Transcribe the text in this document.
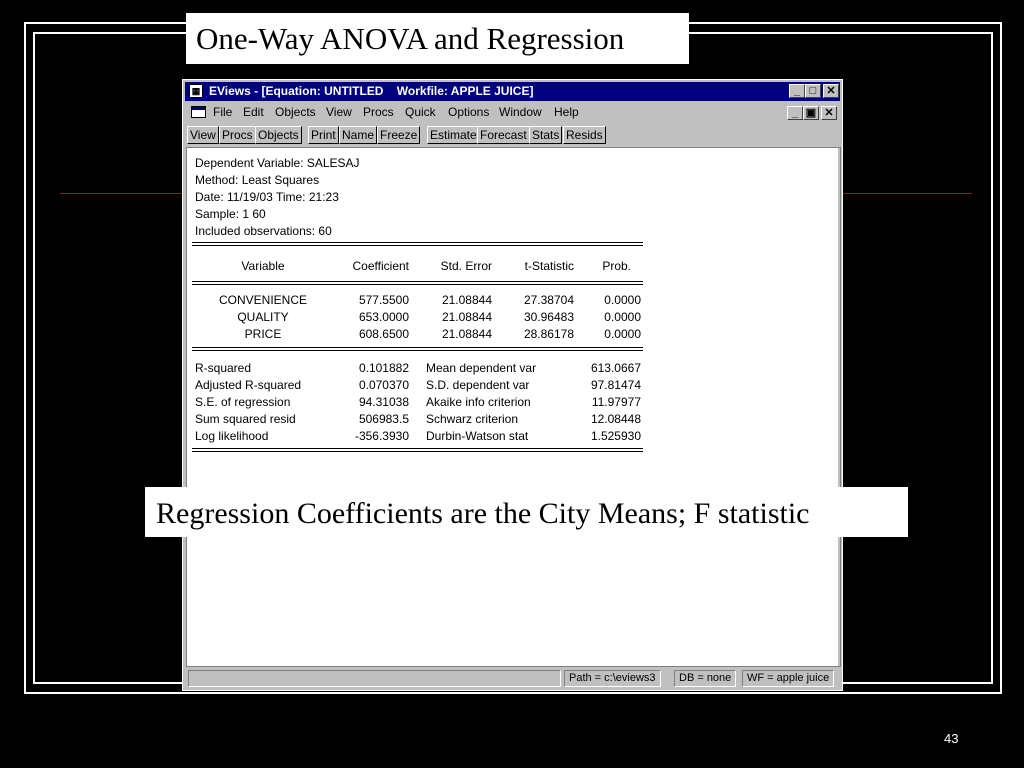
One-Way ANOVA and Regression
▦ EViews - [Equation: UNTITLED    Workfile: APPLE JUICE]	_ □ ✕
File Edit Objects View Procs Quick Options Window Help	_ ▣ ✕
View Procs Objects Print Name Freeze Estimate Forecast Stats Resids
Dependent Variable: SALESAJ
Method: Least Squares
Date: 11/19/03 Time: 21:23
Sample: 1 60
Included observations: 60
Variable	Coefficient	Std. Error	t-Statistic	Prob.
CONVENIENCE	577.5500	21.08844	27.38704	0.0000
QUALITY	653.0000	21.08844	30.96483	0.0000
PRICE	608.6500	21.08844	28.86178	0.0000
R-squared	0.101882 Mean dependent var	613.0667
Adjusted R-squared	0.070370 S.D. dependent var	97.81474
S.E. of regression	94.31038 Akaike info criterion	11.97977
Sum squared resid	506983.5 Schwarz criterion	12.08448
Log likelihood	-356.3930 Durbin-Watson stat	1.525930
Path = c:\eviews3	DB = none	WF = apple juice
Regression Coefficients are the City Means; F statistic
43
